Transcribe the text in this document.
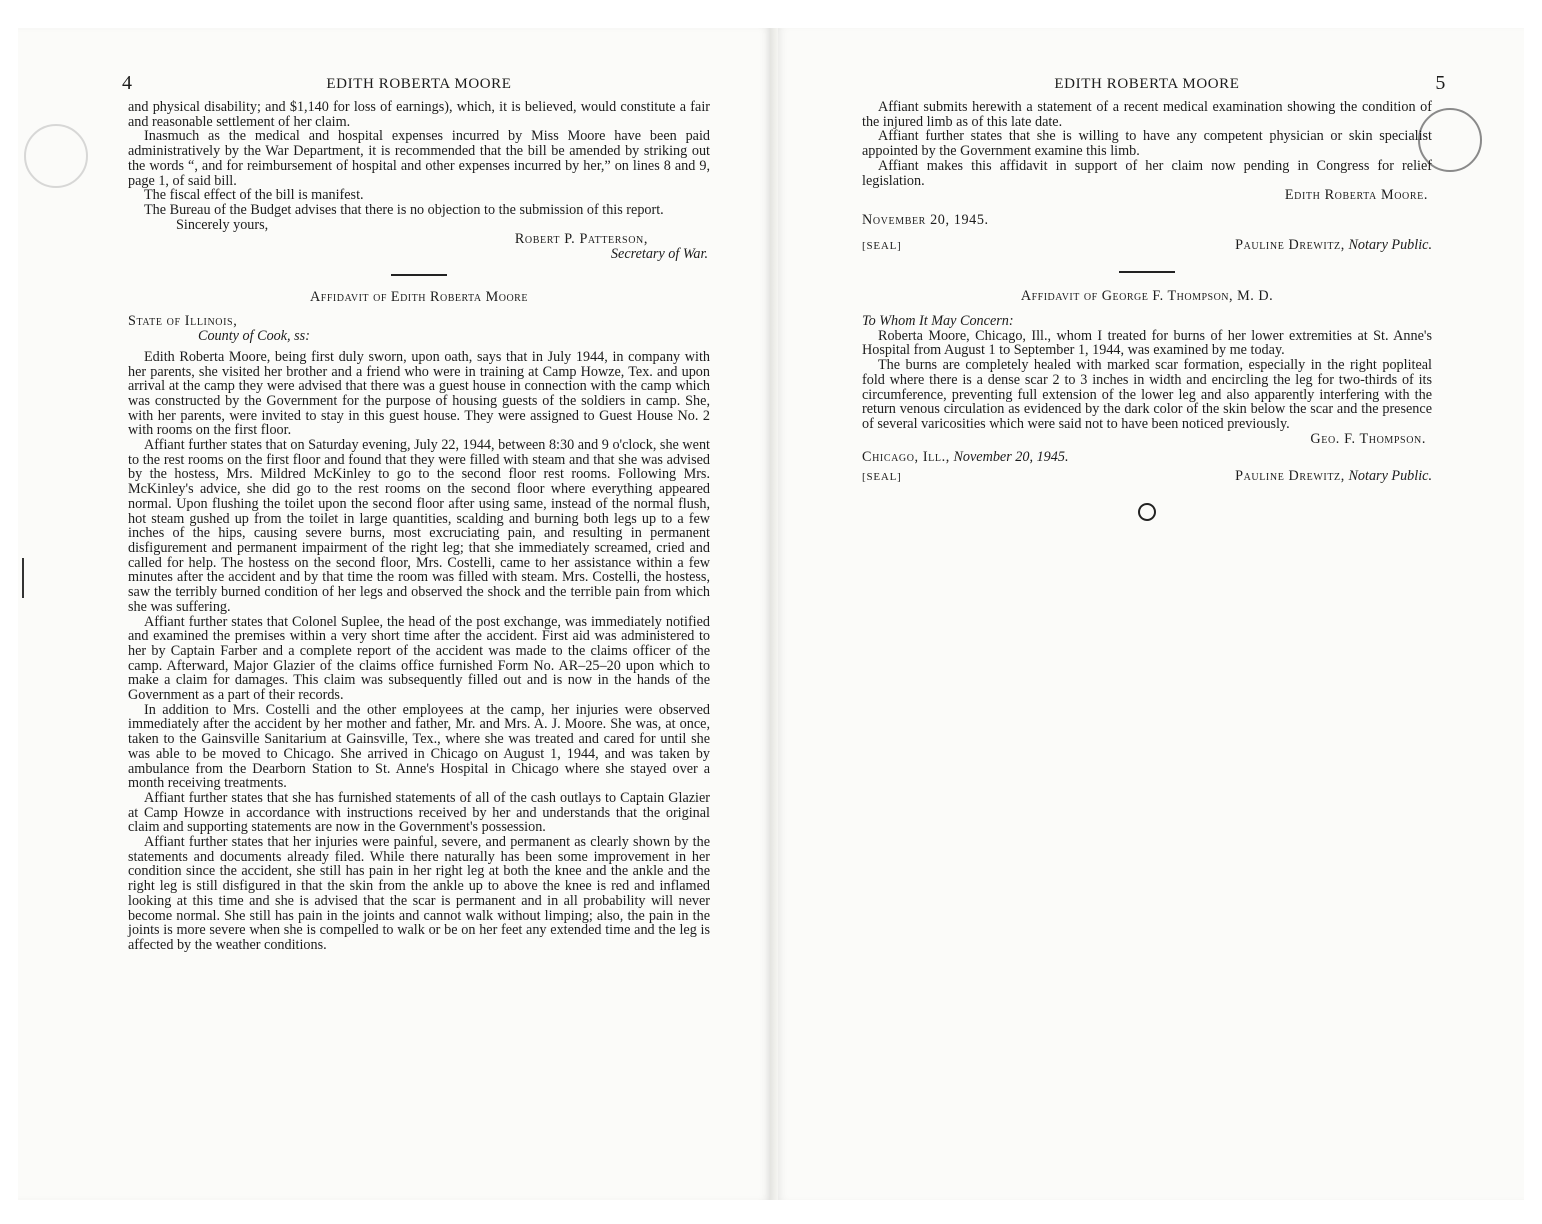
4	EDITH ROBERTA MOORE

and physical disability; and $1,140 for loss of earnings), which, it is believed, would constitute a fair and reasonable settlement of her claim.

Inasmuch as the medical and hospital expenses incurred by Miss Moore have been paid administratively by the War Department, it is recommended that the bill be amended by striking out the words “, and for reimbursement of hospital and other expenses incurred by her,” on lines 8 and 9, page 1, of said bill.

The fiscal effect of the bill is manifest.

The Bureau of the Budget advises that there is no objection to the submission of this report.

Sincerely yours,

Robert P. Patterson,

Secretary of War.

Affidavit of Edith Roberta Moore

State of Illinois,

County of Cook, ss:

Edith Roberta Moore, being first duly sworn, upon oath, says that in July 1944, in company with her parents, she visited her brother and a friend who were in training at Camp Howze, Tex. and upon arrival at the camp they were advised that there was a guest house in connection with the camp which was constructed by the Government for the purpose of housing guests of the soldiers in camp. She, with her parents, were invited to stay in this guest house. They were assigned to Guest House No. 2 with rooms on the first floor.

Affiant further states that on Saturday evening, July 22, 1944, between 8:30 and 9 o'clock, she went to the rest rooms on the first floor and found that they were filled with steam and that she was advised by the hostess, Mrs. Mildred McKinley to go to the second floor rest rooms. Following Mrs. McKinley's advice, she did go to the rest rooms on the second floor where everything appeared normal. Upon flushing the toilet upon the second floor after using same, instead of the normal flush, hot steam gushed up from the toilet in large quantities, scalding and burning both legs up to a few inches of the hips, causing severe burns, most excruciating pain, and resulting in permanent disfigurement and permanent impairment of the right leg; that she immediately screamed, cried and called for help. The hostess on the second floor, Mrs. Costelli, came to her assistance within a few minutes after the accident and by that time the room was filled with steam. Mrs. Costelli, the hostess, saw the terribly burned condition of her legs and observed the shock and the terrible pain from which she was suffering.

Affiant further states that Colonel Suplee, the head of the post exchange, was immediately notified and examined the premises within a very short time after the accident. First aid was administered to her by Captain Farber and a complete report of the accident was made to the claims officer of the camp. Afterward, Major Glazier of the claims office furnished Form No. AR–25–20 upon which to make a claim for damages. This claim was subsequently filled out and is now in the hands of the Government as a part of their records.

In addition to Mrs. Costelli and the other employees at the camp, her injuries were observed immediately after the accident by her mother and father, Mr. and Mrs. A. J. Moore. She was, at once, taken to the Gainsville Sanitarium at Gainsville, Tex., where she was treated and cared for until she was able to be moved to Chicago. She arrived in Chicago on August 1, 1944, and was taken by ambulance from the Dearborn Station to St. Anne's Hospital in Chicago where she stayed over a month receiving treatments.

Affiant further states that she has furnished statements of all of the cash outlays to Captain Glazier at Camp Howze in accordance with instructions received by her and understands that the original claim and supporting statements are now in the Government's possession.

Affiant further states that her injuries were painful, severe, and permanent as clearly shown by the statements and documents already filed. While there naturally has been some improvement in her condition since the accident, she still has pain in her right leg at both the knee and the ankle and the right leg is still disfigured in that the skin from the ankle up to above the knee is red and inflamed looking at this time and she is advised that the scar is permanent and in all probability will never become normal. She still has pain in the joints and cannot walk without limping; also, the pain in the joints is more severe when she is compelled to walk or be on her feet any extended time and the leg is affected by the weather conditions.

EDITH ROBERTA MOORE	5

Affiant submits herewith a statement of a recent medical examination showing the condition of the injured limb as of this late date.

Affiant further states that she is willing to have any competent physician or skin specialist appointed by the Government examine this limb.

Affiant makes this affidavit in support of her claim now pending in Congress for relief legislation.

Edith Roberta Moore.

November 20, 1945.

[SEAL]	Pauline Drewitz, Notary Public.
Affidavit of George F. Thompson, M. D.

To Whom It May Concern:

Roberta Moore, Chicago, Ill., whom I treated for burns of her lower extremities at St. Anne's Hospital from August 1 to September 1, 1944, was examined by me today.

The burns are completely healed with marked scar formation, especially in the right popliteal fold where there is a dense scar 2 to 3 inches in width and encircling the leg for two-thirds of its circumference, preventing full extension of the lower leg and also apparently interfering with the return venous circulation as evidenced by the dark color of the skin below the scar and the presence of several varicosities which were said not to have been noticed previously.

Geo. F. Thompson.

Chicago, Ill., November 20, 1945.

[SEAL]	Pauline Drewitz, Notary Public.
